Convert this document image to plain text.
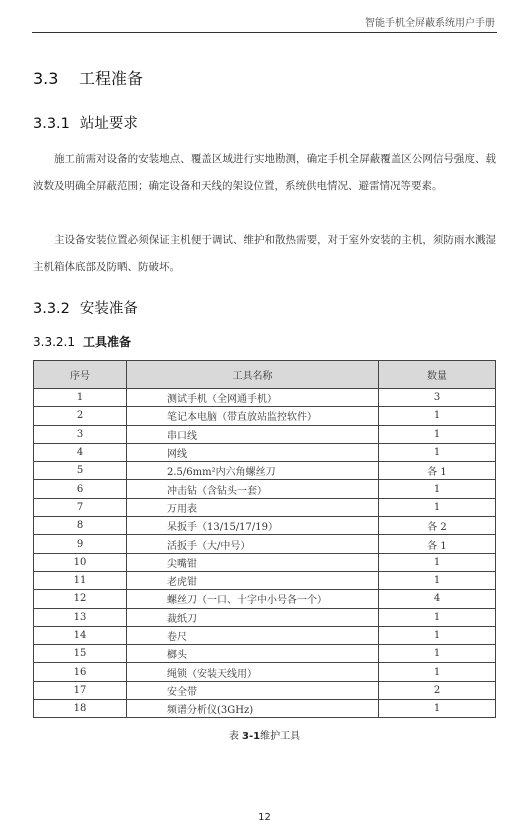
智能手机全屏蔽系统用户手册
3.3 工程准备
3.3.1 站址要求

施工前需对设备的安装地点、覆盖区域进行实地勘测，确定手机全屏蔽覆盖区公网信号强度、载波数及明确全屏蔽范围；确定设备和天线的架设位置，系统供电情况、避雷情况等要素。

主设备安装位置必须保证主机便于调试、维护和散热需要，对于室外安装的主机，须防雨水溅湿主机箱体底部及防晒、防破坏。

3.3.2 安装准备
3.3.2.1 工具准备
序号	工具名称	数量
1	测试手机（全网通手机）	3
2	笔记本电脑（带直放站监控软件）	1
3	串口线	1
4	网线	1
5	2.5/6mm²内六角螺丝刀	各 1
6	冲击钻（含钻头一套）	1
7	万用表	1
8	呆扳手（13/15/17/19）	各 2
9	活扳手（大/中号）	各 1
10	尖嘴钳	1
11	老虎钳	1
12	螺丝刀（一口、十字中小号各一个）	4
13	裁纸刀	1
14	卷尺	1
15	榔头	1
16	绳锁（安装天线用）	1
17	安全带	2
18	频谱分析仪(3GHz)	1
表 3-1维护工具
12
